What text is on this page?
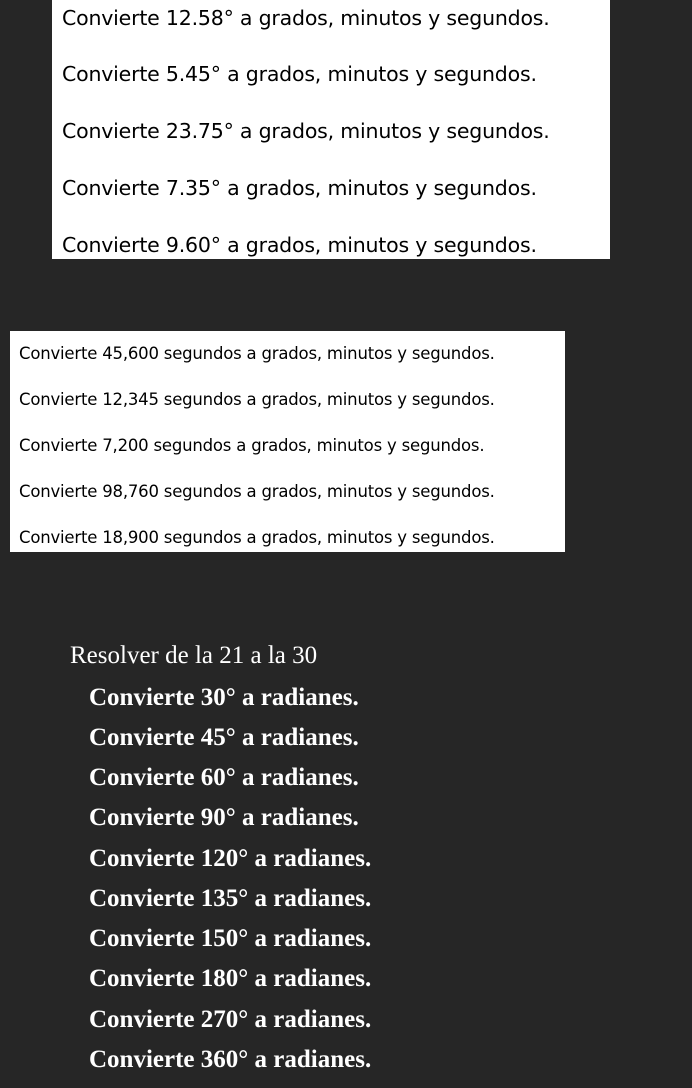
Convierte 12.58° a grados, minutos y segundos.
Convierte 5.45° a grados, minutos y segundos.
Convierte 23.75° a grados, minutos y segundos.
Convierte 7.35° a grados, minutos y segundos.
Convierte 9.60° a grados, minutos y segundos.
Convierte 45,600 segundos a grados, minutos y segundos.
Convierte 12,345 segundos a grados, minutos y segundos.
Convierte 7,200 segundos a grados, minutos y segundos.
Convierte 98,760 segundos a grados, minutos y segundos.
Convierte 18,900 segundos a grados, minutos y segundos.
Resolver de la 21 a la 30
Convierte 30° a radianes.
Convierte 45° a radianes.
Convierte 60° a radianes.
Convierte 90° a radianes.
Convierte 120° a radianes.
Convierte 135° a radianes.
Convierte 150° a radianes.
Convierte 180° a radianes.
Convierte 270° a radianes.
Convierte 360° a radianes.
